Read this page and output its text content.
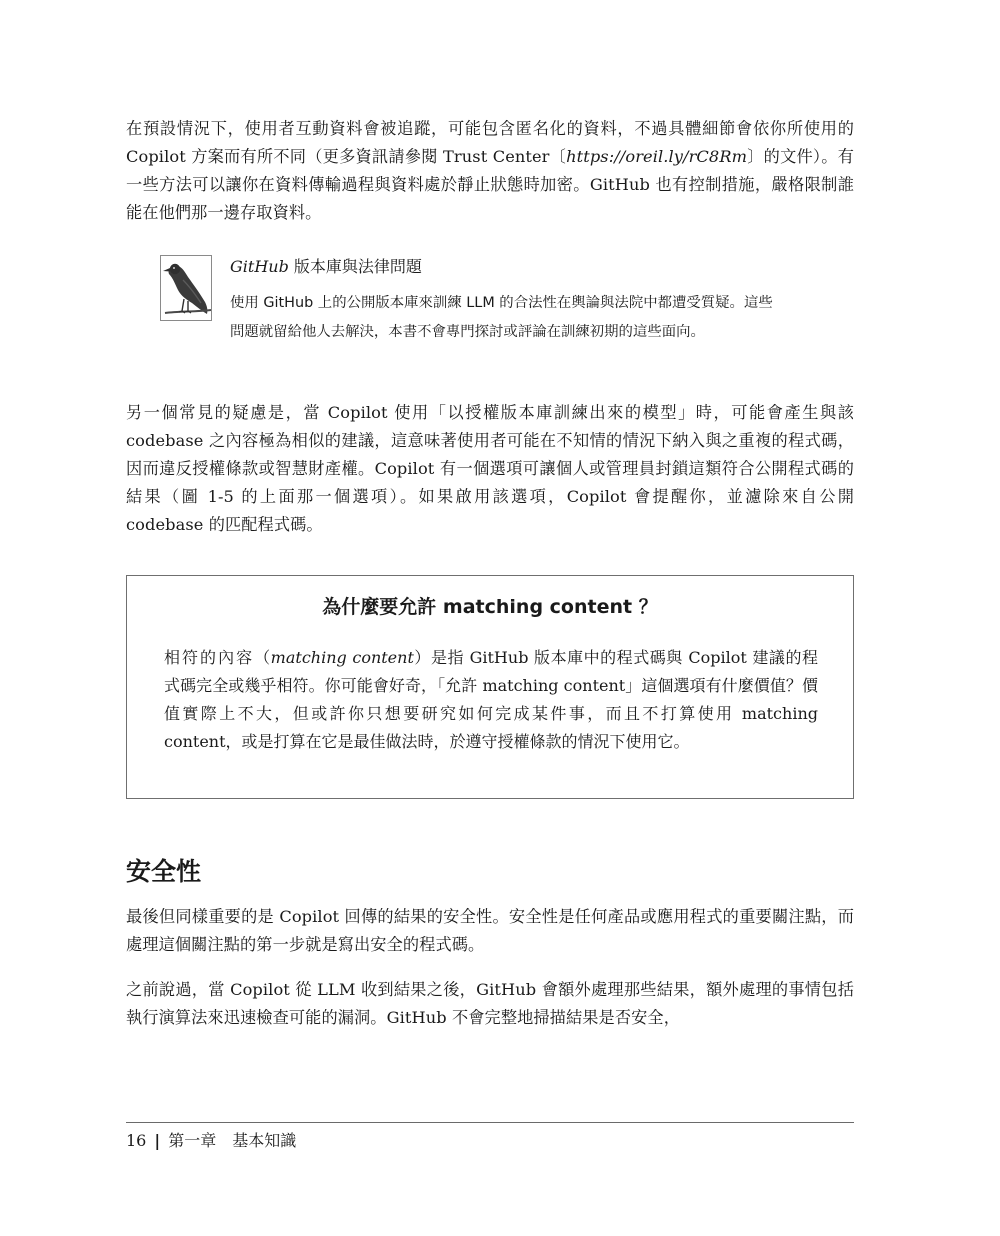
在預設情況下，使用者互動資料會被追蹤，可能包含匿名化的資料，不過具體細節會依你所使用的 Copilot 方案而有所不同（更多資訊請參閱 Trust Center〔https://oreil.ly/rC8Rm〕的文件）。有一些方法可以讓你在資料傳輸過程與資料處於靜止狀態時加密。GitHub 也有控制措施，嚴格限制誰能在他們那一邊存取資料。

GitHub 版本庫與法律問題

使用 GitHub 上的公開版本庫來訓練 LLM 的合法性在輿論與法院中都遭受質疑。這些問題就留給他人去解決，本書不會專門探討或評論在訓練初期的這些面向。

另一個常見的疑慮是，當 Copilot 使用「以授權版本庫訓練出來的模型」時，可能會產生與該 codebase 之內容極為相似的建議，這意味著使用者可能在不知情的情況下納入與之重複的程式碼，因而違反授權條款或智慧財產權。Copilot 有一個選項可讓個人或管理員封鎖這類符合公開程式碼的結果（圖 1-5 的上面那一個選項）。如果啟用該選項，Copilot 會提醒你，並濾除來自公開 codebase 的匹配程式碼。

為什麼要允許 matching content ？

相符的內容（matching content）是指 GitHub 版本庫中的程式碼與 Copilot 建議的程式碼完全或幾乎相符。你可能會好奇，「允許 matching content」這個選項有什麼價值？價值實際上不大，但或許你只想要研究如何完成某件事，而且不打算使用 matching content，或是打算在它是最佳做法時，於遵守授權條款的情況下使用它。

安全性

最後但同樣重要的是 Copilot 回傳的結果的安全性。安全性是任何產品或應用程式的重要關注點，而處理這個關注點的第一步就是寫出安全的程式碼。

之前說過，當 Copilot 從 LLM 收到結果之後，GitHub 會額外處理那些結果，額外處理的事情包括執行演算法來迅速檢查可能的漏洞。GitHub 不會完整地掃描結果是否安全，

16 | 第一章　基本知識
